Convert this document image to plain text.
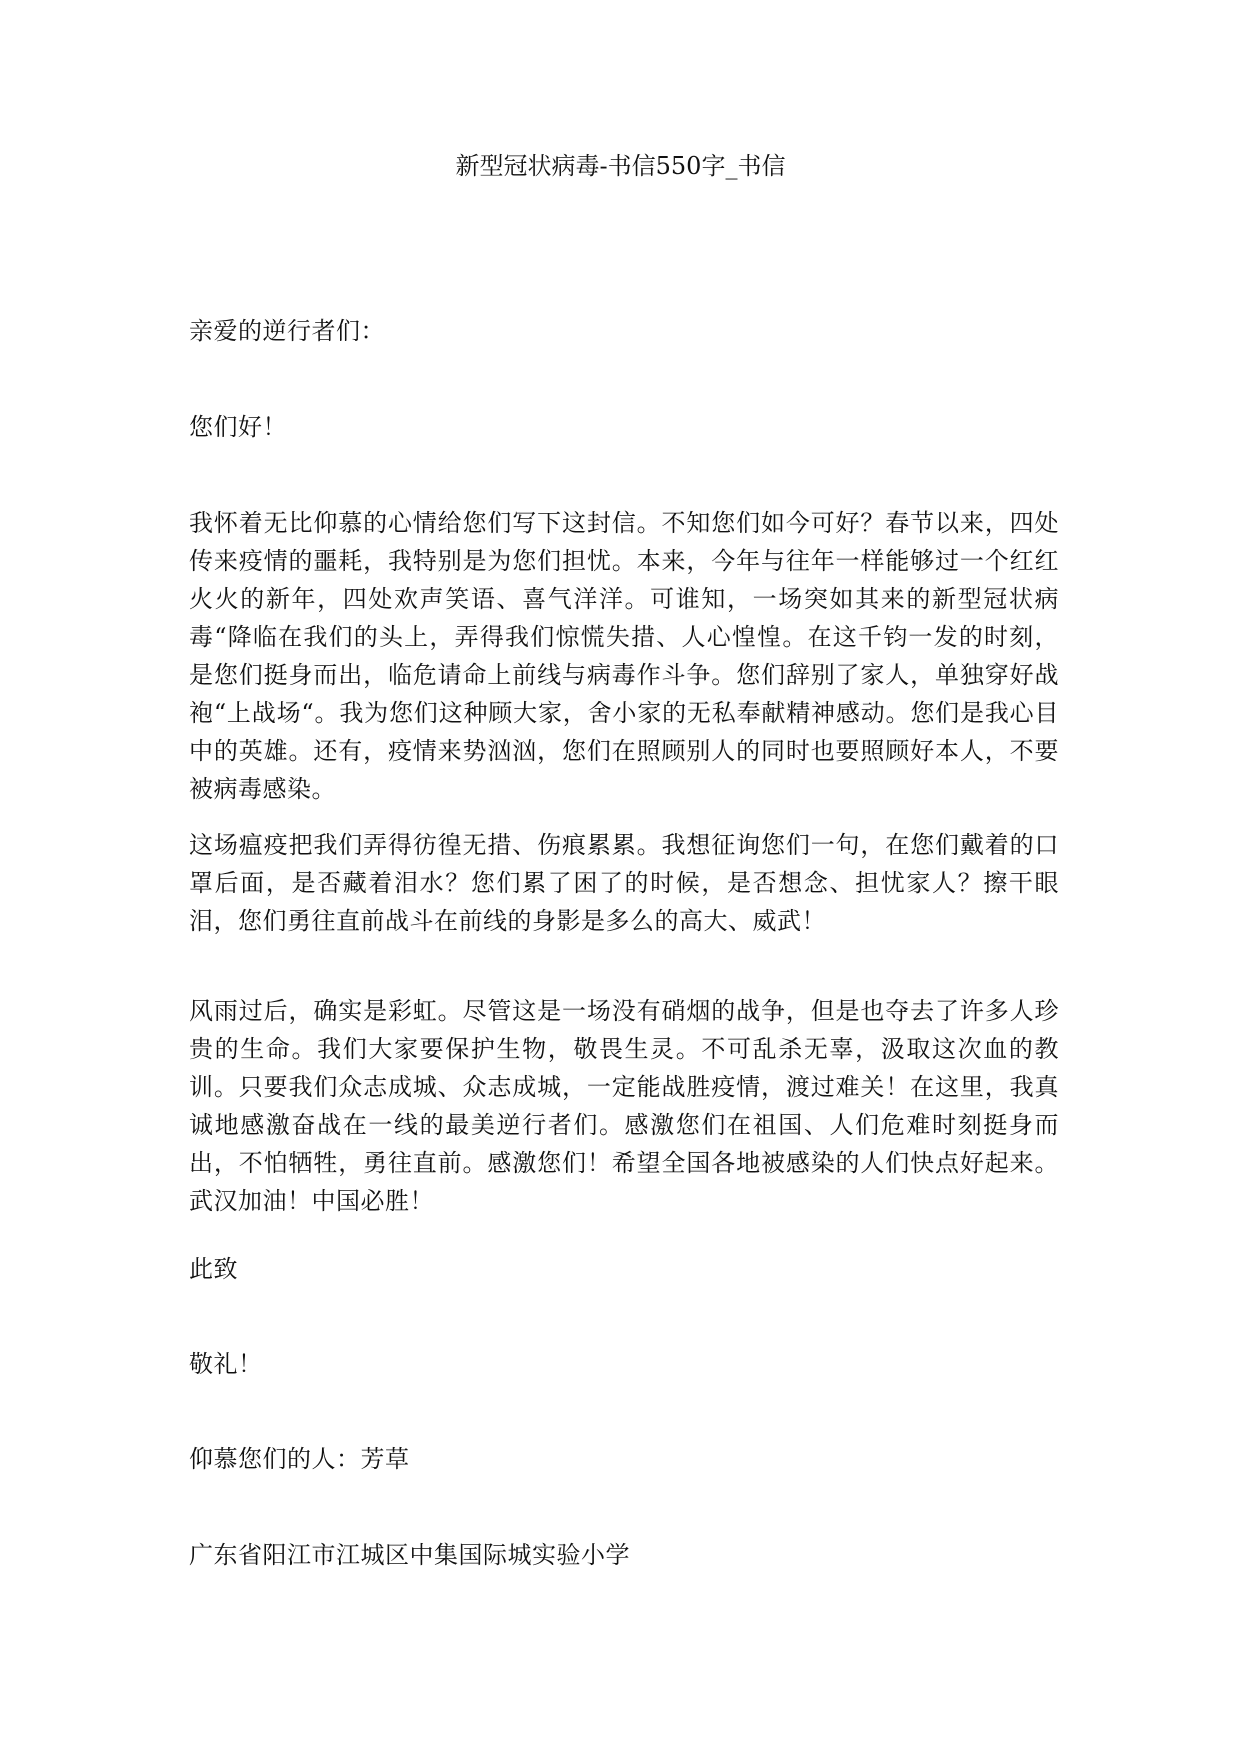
新型冠状病毒-书信550字_书信

亲爱的逆行者们：

您们好！

我怀着无比仰慕的心情给您们写下这封信。不知您们如今可好？春节以来，四处传来疫情的噩耗，我特别是为您们担忧。本来，今年与往年一样能够过一个红红火火的新年，四处欢声笑语、喜气洋洋。可谁知，一场突如其来的新型冠状病毒“降临在我们的头上，弄得我们惊慌失措、人心惶惶。在这千钧一发的时刻，是您们挺身而出，临危请命上前线与病毒作斗争。您们辞别了家人，单独穿好战袍“上战场“。我为您们这种顾大家，舍小家的无私奉献精神感动。您们是我心目中的英雄。还有，疫情来势汹汹，您们在照顾别人的同时也要照顾好本人，不要被病毒感染。

这场瘟疫把我们弄得彷徨无措、伤痕累累。我想征询您们一句，在您们戴着的口罩后面，是否藏着泪水？您们累了困了的时候，是否想念、担忧家人？擦干眼泪，您们勇往直前战斗在前线的身影是多么的高大、威武！

风雨过后，确实是彩虹。尽管这是一场没有硝烟的战争，但是也夺去了许多人珍贵的生命。我们大家要保护生物，敬畏生灵。不可乱杀无辜，汲取这次血的教训。只要我们众志成城、众志成城，一定能战胜疫情，渡过难关！在这里，我真诚地感激奋战在一线的最美逆行者们。感激您们在祖国、人们危难时刻挺身而出，不怕牺牲，勇往直前。感激您们！希望全国各地被感染的人们快点好起来。武汉加油！中国必胜！

此致

敬礼！

仰慕您们的人：芳草

广东省阳江市江城区中集国际城实验小学
